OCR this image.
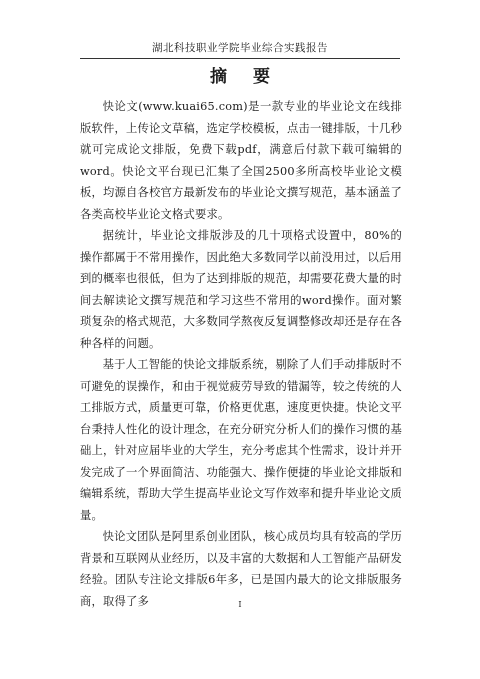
湖北科技职业学院毕业综合实践报告
摘 要

快论文(www.kuai65.com)是一款专业的毕业论文在线排版软件，上传论文草稿，选定学校模板，点击一键排版，十几秒就可完成论文排版，免费下载pdf，满意后付款下载可编辑的word。快论文平台现已汇集了全国2500多所高校毕业论文模板，均源自各校官方最新发布的毕业论文撰写规范，基本涵盖了各类高校毕业论文格式要求。

据统计，毕业论文排版涉及的几十项格式设置中，80%的操作都属于不常用操作，因此绝大多数同学以前没用过，以后用到的概率也很低，但为了达到排版的规范，却需要花费大量的时间去解读论文撰写规范和学习这些不常用的word操作。面对繁琐复杂的格式规范，大多数同学熬夜反复调整修改却还是存在各种各样的问题。

基于人工智能的快论文排版系统，剔除了人们手动排版时不可避免的误操作，和由于视觉疲劳导致的错漏等，较之传统的人工排版方式，质量更可靠，价格更优惠，速度更快捷。快论文平台秉持人性化的设计理念，在充分研究分析人们的操作习惯的基础上，针对应届毕业的大学生，充分考虑其个性需求，设计并开发完成了一个界面简洁、功能强大、操作便捷的毕业论文排版和编辑系统，帮助大学生提高毕业论文写作效率和提升毕业论文质量。

快论文团队是阿里系创业团队，核心成员均具有较高的学历背景和互联网从业经历，以及丰富的大数据和人工智能产品研发经验。团队专注论文排版6年多，已是国内最大的论文排版服务商，取得了多	I
